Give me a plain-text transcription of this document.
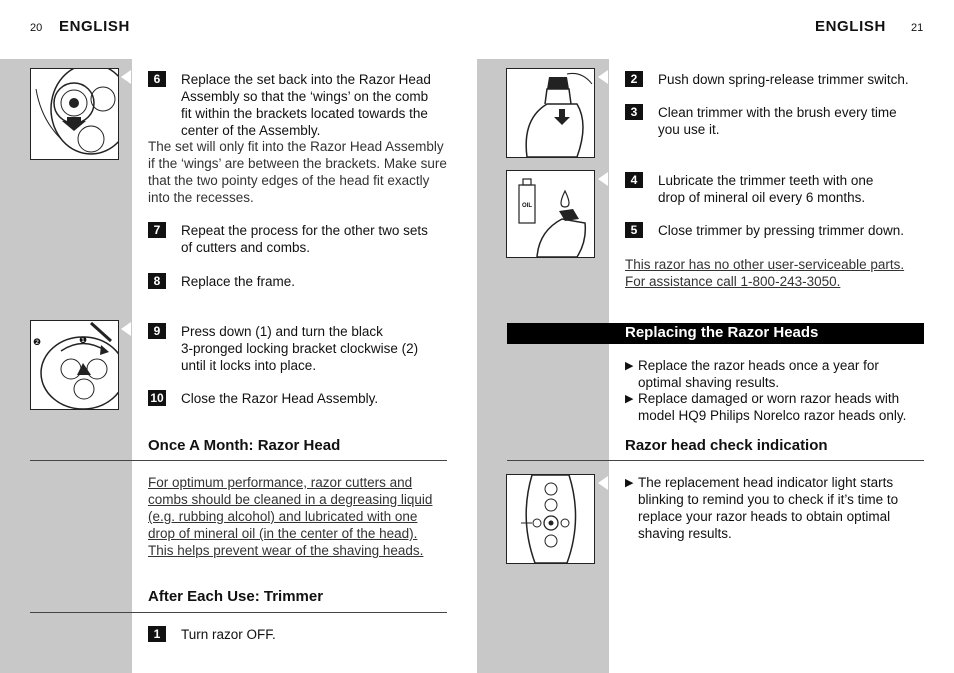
20 ENGLISH
6	Replace the set back into the Razor Head
Assembly so that the ‘wings’ on the comb
fit within the brackets located towards the
center of the Assembly.
The set will only fit into the Razor Head Assembly
if the ‘wings’ are between the brackets. Make sure
that the two pointy edges of the head fit exactly
into the recesses.
7	Repeat the process for the other two sets
of cutters and combs.
8	Replace the frame.
❷	❶
9	Press down (1) and turn the black
3-pronged locking bracket clockwise (2)
until it locks into place.
10 Close the Razor Head Assembly.
Once A Month: Razor Head
For optimum performance, razor cutters and
combs should be cleaned in a degreasing liquid
(e.g. rubbing alcohol) and lubricated with one
drop of mineral oil (in the center of the head).
This helps prevent wear of the shaving heads.
After Each Use: Trimmer
1	Turn razor OFF.
ENGLISH 21
2	Push down spring-release trimmer switch.
3	Clean trimmer with the brush every time
you use it.
OIL
4	Lubricate the trimmer teeth with one
drop of mineral oil every 6 months.
5	Close trimmer by pressing trimmer down.
This razor has no other user-serviceable parts.
For assistance call 1-800-243-3050.
Replacing the Razor Heads
▶ Replace the razor heads once a year for
optimal shaving results.
▶ Replace damaged or worn razor heads with
model HQ9 Philips Norelco razor heads only.
Razor head check indication
▶ The replacement head indicator light starts
blinking to remind you to check if it’s time to
replace your razor heads to obtain optimal
shaving results.
